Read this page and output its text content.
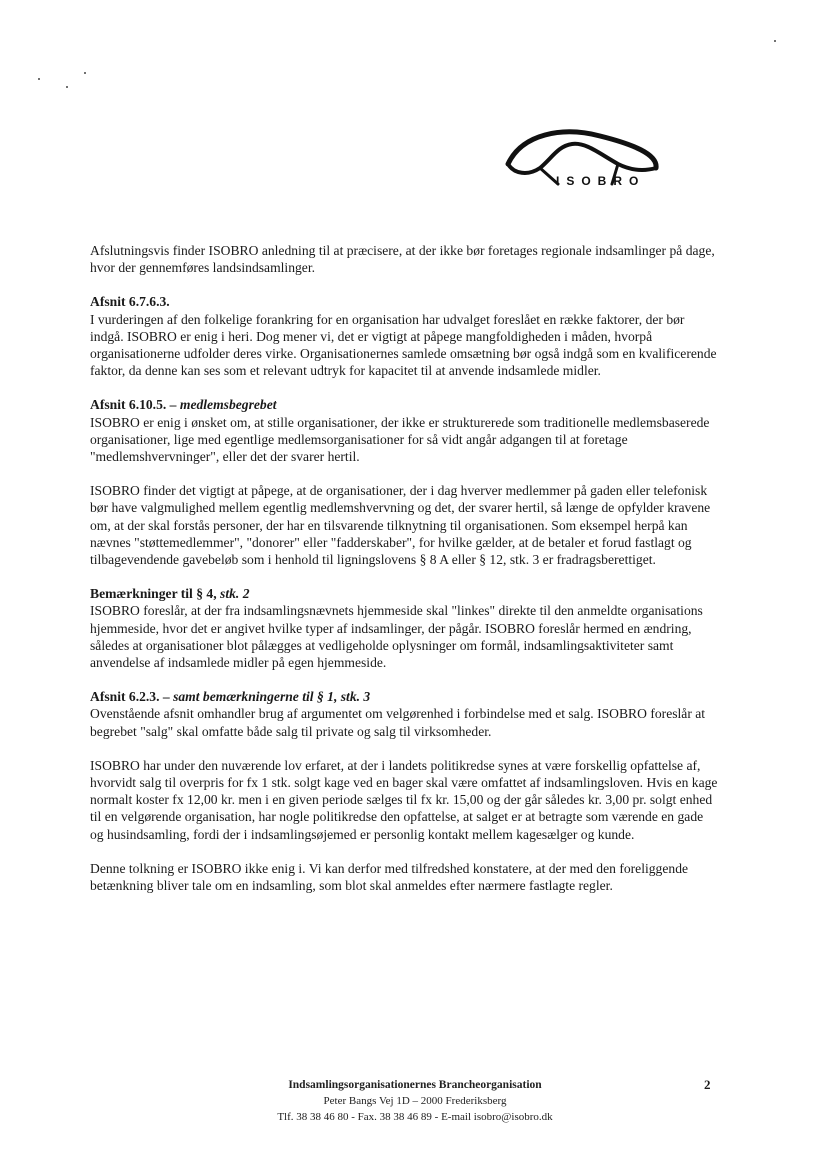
ISOBRO

Afslutningsvis finder ISOBRO anledning til at præcisere, at der ikke bør foretages regionale indsamlinger på dage, hvor der gennemføres landsindsamlinger.

Afsnit 6.7.6.3.
I vurderingen af den folkelige forankring for en organisation har udvalget foreslået en række faktorer, der bør indgå. ISOBRO er enig i heri. Dog mener vi, det er vigtigt at påpege mangfoldigheden i måden, hvorpå organisationerne udfolder deres virke. Organisationernes samlede omsætning bør også indgå som en kvalificerende faktor, da denne kan ses som et relevant udtryk for kapacitet til at anvende indsamlede midler.

Afsnit 6.10.5. – medlemsbegrebet
ISOBRO er enig i ønsket om, at stille organisationer, der ikke er strukturerede som traditionelle medlemsbaserede organisationer, lige med egentlige medlemsorganisationer for så vidt angår adgangen til at foretage "medlemshvervninger", eller det der svarer hertil.

ISOBRO finder det vigtigt at påpege, at de organisationer, der i dag hverver medlemmer på gaden eller telefonisk bør have valgmulighed mellem egentlig medlemshvervning og det, der svarer hertil, så længe de opfylder kravene om, at der skal forstås personer, der har en tilsvarende tilknytning til organisationen. Som eksempel herpå kan nævnes "støttemedlemmer", "donorer" eller "fadderskaber", for hvilke gælder, at de betaler et forud fastlagt og tilbagevendende gavebeløb som i henhold til ligningslovens § 8 A eller § 12, stk. 3 er fradragsberettiget.

Bemærkninger til § 4, stk. 2
ISOBRO foreslår, at der fra indsamlingsnævnets hjemmeside skal "linkes" direkte til den anmeldte organisations hjemmeside, hvor det er angivet hvilke typer af indsamlinger, der pågår. ISOBRO foreslår hermed en ændring, således at organisationer blot pålægges at vedligeholde oplysninger om formål, indsamlingsaktiviteter samt anvendelse af indsamlede midler på egen hjemmeside.

Afsnit 6.2.3. – samt bemærkningerne til § 1, stk. 3
Ovenstående afsnit omhandler brug af argumentet om velgørenhed i forbindelse med et salg. ISOBRO foreslår at begrebet "salg" skal omfatte både salg til private og salg til virksomheder.

ISOBRO har under den nuværende lov erfaret, at der i landets politikredse synes at være forskellig opfattelse af, hvorvidt salg til overpris for fx 1 stk. solgt kage ved en bager skal være omfattet af indsamlingsloven. Hvis en kage normalt koster fx 12,00 kr. men i en given periode sælges til fx kr. 15,00 og der går således kr. 3,00 pr. solgt enhed til en velgørende organisation, har nogle politikredse den opfattelse, at salget er at betragte som værende en gade og husindsamling, fordi der i indsamlingsøjemed er personlig kontakt mellem kagesælger og kunde.

Denne tolkning er ISOBRO ikke enig i. Vi kan derfor med tilfredshed konstatere, at der med den foreliggende betænkning bliver tale om en indsamling, som blot skal anmeldes efter nærmere fastlagte regler.

Indsamlingsorganisationernes Brancheorganisation
Peter Bangs Vej 1D – 2000 Frederiksberg
Tlf. 38 38 46 80 - Fax. 38 38 46 89 - E-mail isobro@isobro.dk
2
